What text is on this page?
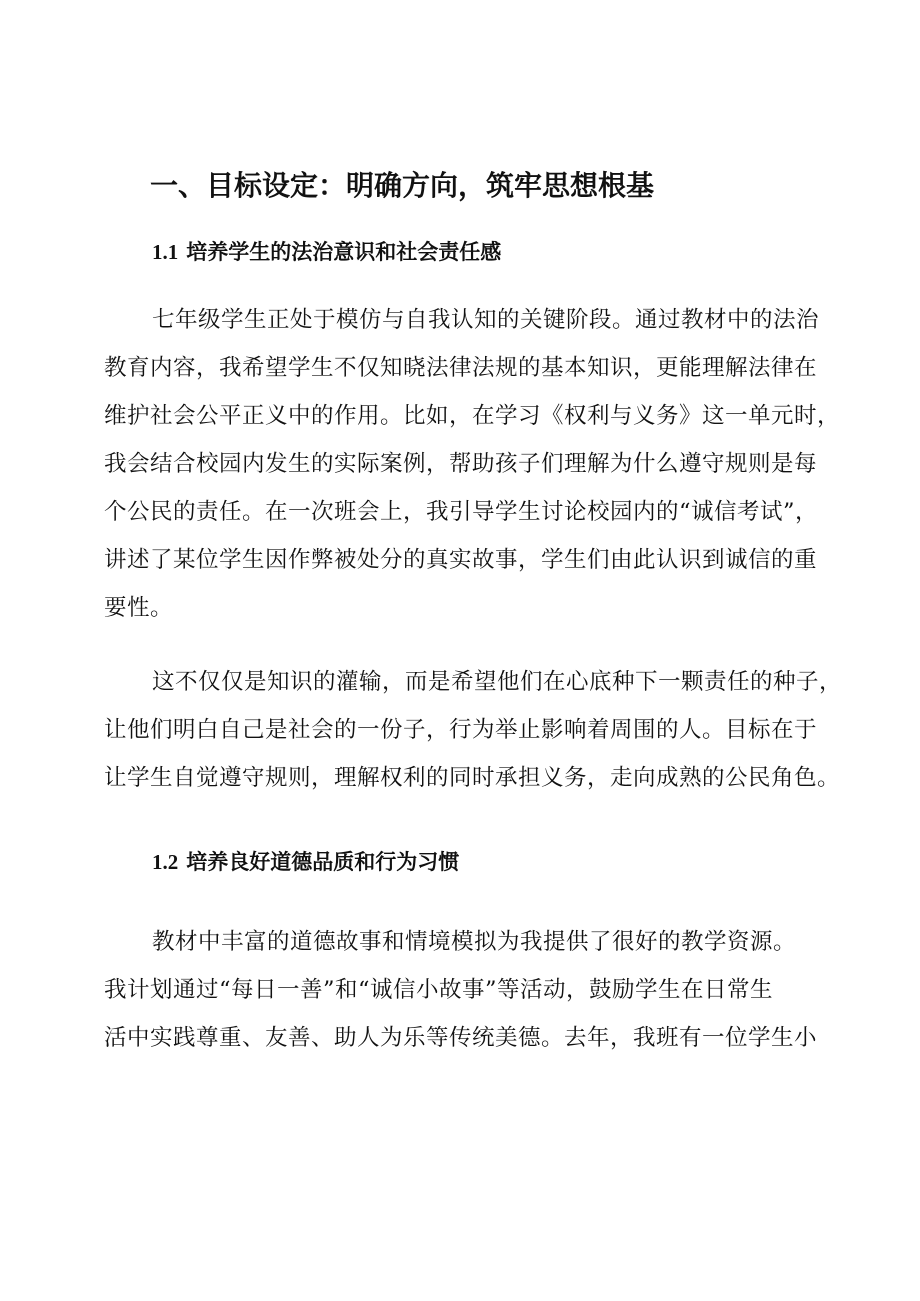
一、目标设定：明确方向，筑牢思想根基
1.1 培养学生的法治意识和社会责任感
七年级学生正处于模仿与自我认知的关键阶段。通过教材中的法治
教育内容，我希望学生不仅知晓法律法规的基本知识，更能理解法律在
维护社会公平正义中的作用。比如，在学习《权利与义务》这一单元时，
我会结合校园内发生的实际案例，帮助孩子们理解为什么遵守规则是每
个公民的责任。在一次班会上，我引导学生讨论校园内的“诚信考试”，
讲述了某位学生因作弊被处分的真实故事，学生们由此认识到诚信的重
要性。
这不仅仅是知识的灌输，而是希望他们在心底种下一颗责任的种子，
让他们明白自己是社会的一份子，行为举止影响着周围的人。目标在于
让学生自觉遵守规则，理解权利的同时承担义务，走向成熟的公民角色。
1.2 培养良好道德品质和行为习惯
教材中丰富的道德故事和情境模拟为我提供了很好的教学资源。
我计划通过“每日一善”和“诚信小故事”等活动，鼓励学生在日常生
活中实践尊重、友善、助人为乐等传统美德。去年，我班有一位学生小
